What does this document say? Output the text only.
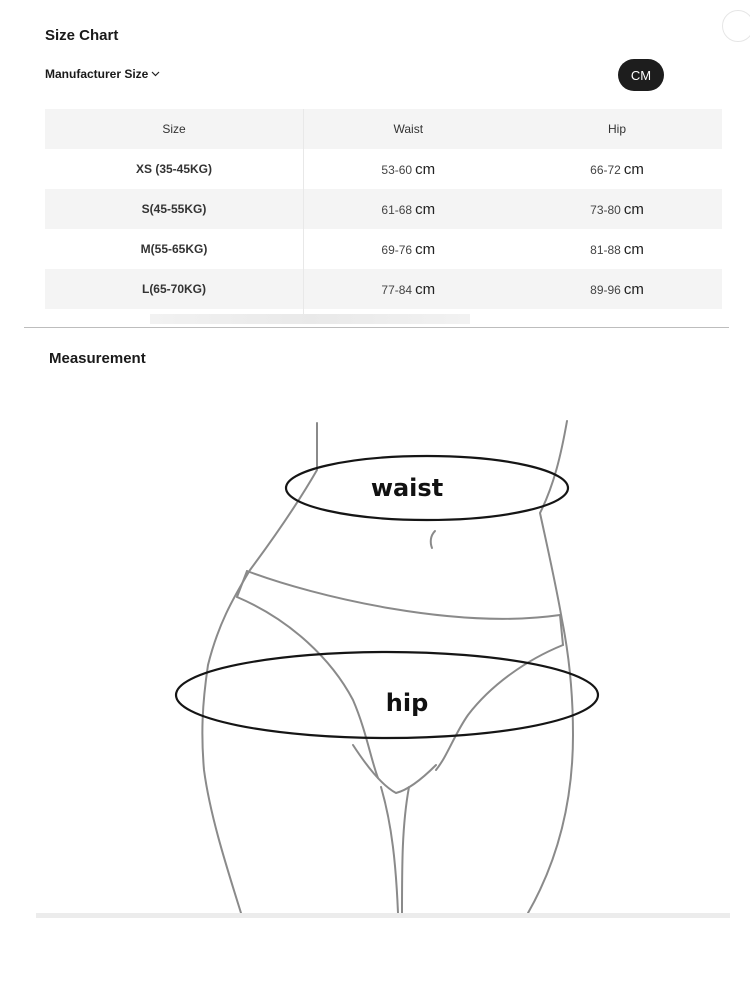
Size Chart
Manufacturer Size	CM
Size	Waist	Hip
XS (35-45KG)	53-60 cm	66-72 cm
S(45-55KG)	61-68 cm	73-80 cm
M(55-65KG)	69-76 cm	81-88 cm
L(65-70KG)	77-84 cm	89-96 cm
Measurement
waist
hip
